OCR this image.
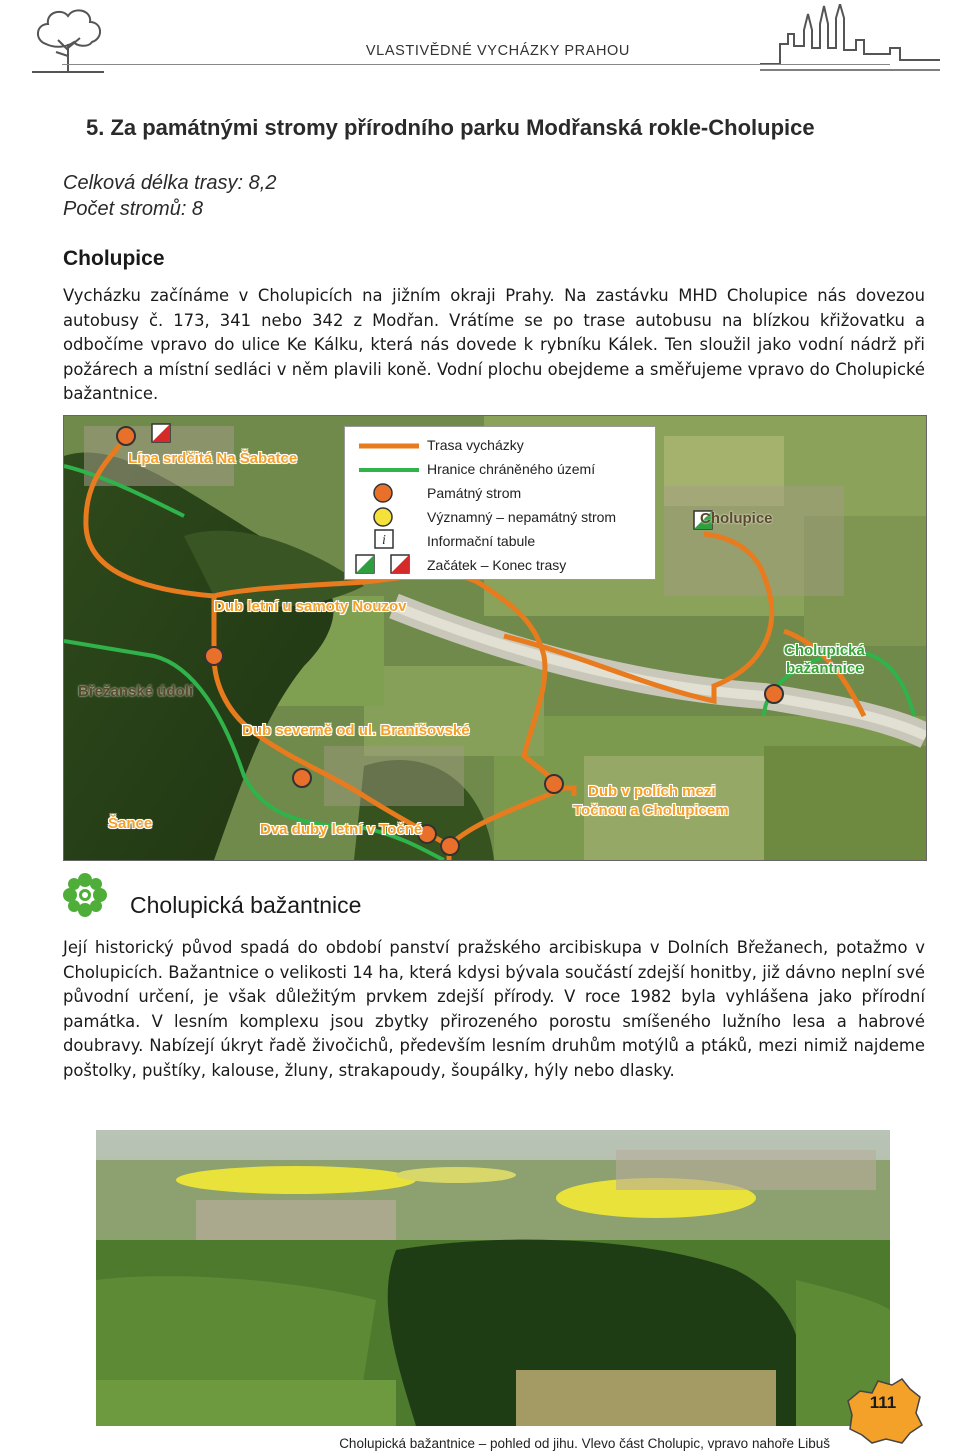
VLASTIVĚDNÉ VYCHÁZKY PRAHOU
5. Za památnými stromy přírodního parku Modřanská rokle-Cholupice
Celková délka trasy: 8,2
Počet stromů: 8
Cholupice

Vycházku začínáme v Cholupicích na jižním okraji Prahy. Na zastávku MHD Cholupice nás dovezou autobusy č. 173, 341 nebo 342 z Modřan. Vrátíme se po trase autobusu na blízkou křižovatku a odbočíme vpravo do ulice Ke Kálku, která nás dovede k rybníku Kálek. Ten sloužil jako vodní nádrž při požárech a místní sedláci v něm plavili koně. Vodní plochu obejdeme a směřujeme vpravo do Cholupické bažantnice.

Lípa srdčitá Na Šabatce
Dub letní u samoty Nouzov
Břežanské údolí
Dub severně od ul. Branišovské
Šance	Dva duby letní v Točné
Dub v polích mezi
Točnou a Cholupicem
Cholupice
Cholupická
bažantnice
i
Trasa vycházky
Hranice chráněného území
Památný strom
Významný – nepamátný strom
Informační tabule
Začátek – Konec trasy
Cholupická bažantnice

Její historický původ spadá do období panství pražského arcibiskupa v Dolních Břežanech, potažmo v Cholupicích. Bažantnice o velikosti 14 ha, která kdysi bývala součástí zdejší honitby, již dávno neplní své původní určení, je však důležitým prvkem zdejší přírody. V roce 1982 byla vyhlášena jako přírodní památka. V lesním komplexu jsou zbytky přirozeného porostu smíšeného lužního lesa a habrové doubravy. Nabízejí úkryt řadě živočichů, především lesním druhům motýlů a ptáků, mezi nimiž najdeme poštolky, puštíky, kalouse, žluny, strakapoudy, šoupálky, hýly nebo dlasky.

Cholupická bažantnice – pohled od jihu. Vlevo část Cholupic, vpravo nahoře Libuš
111
